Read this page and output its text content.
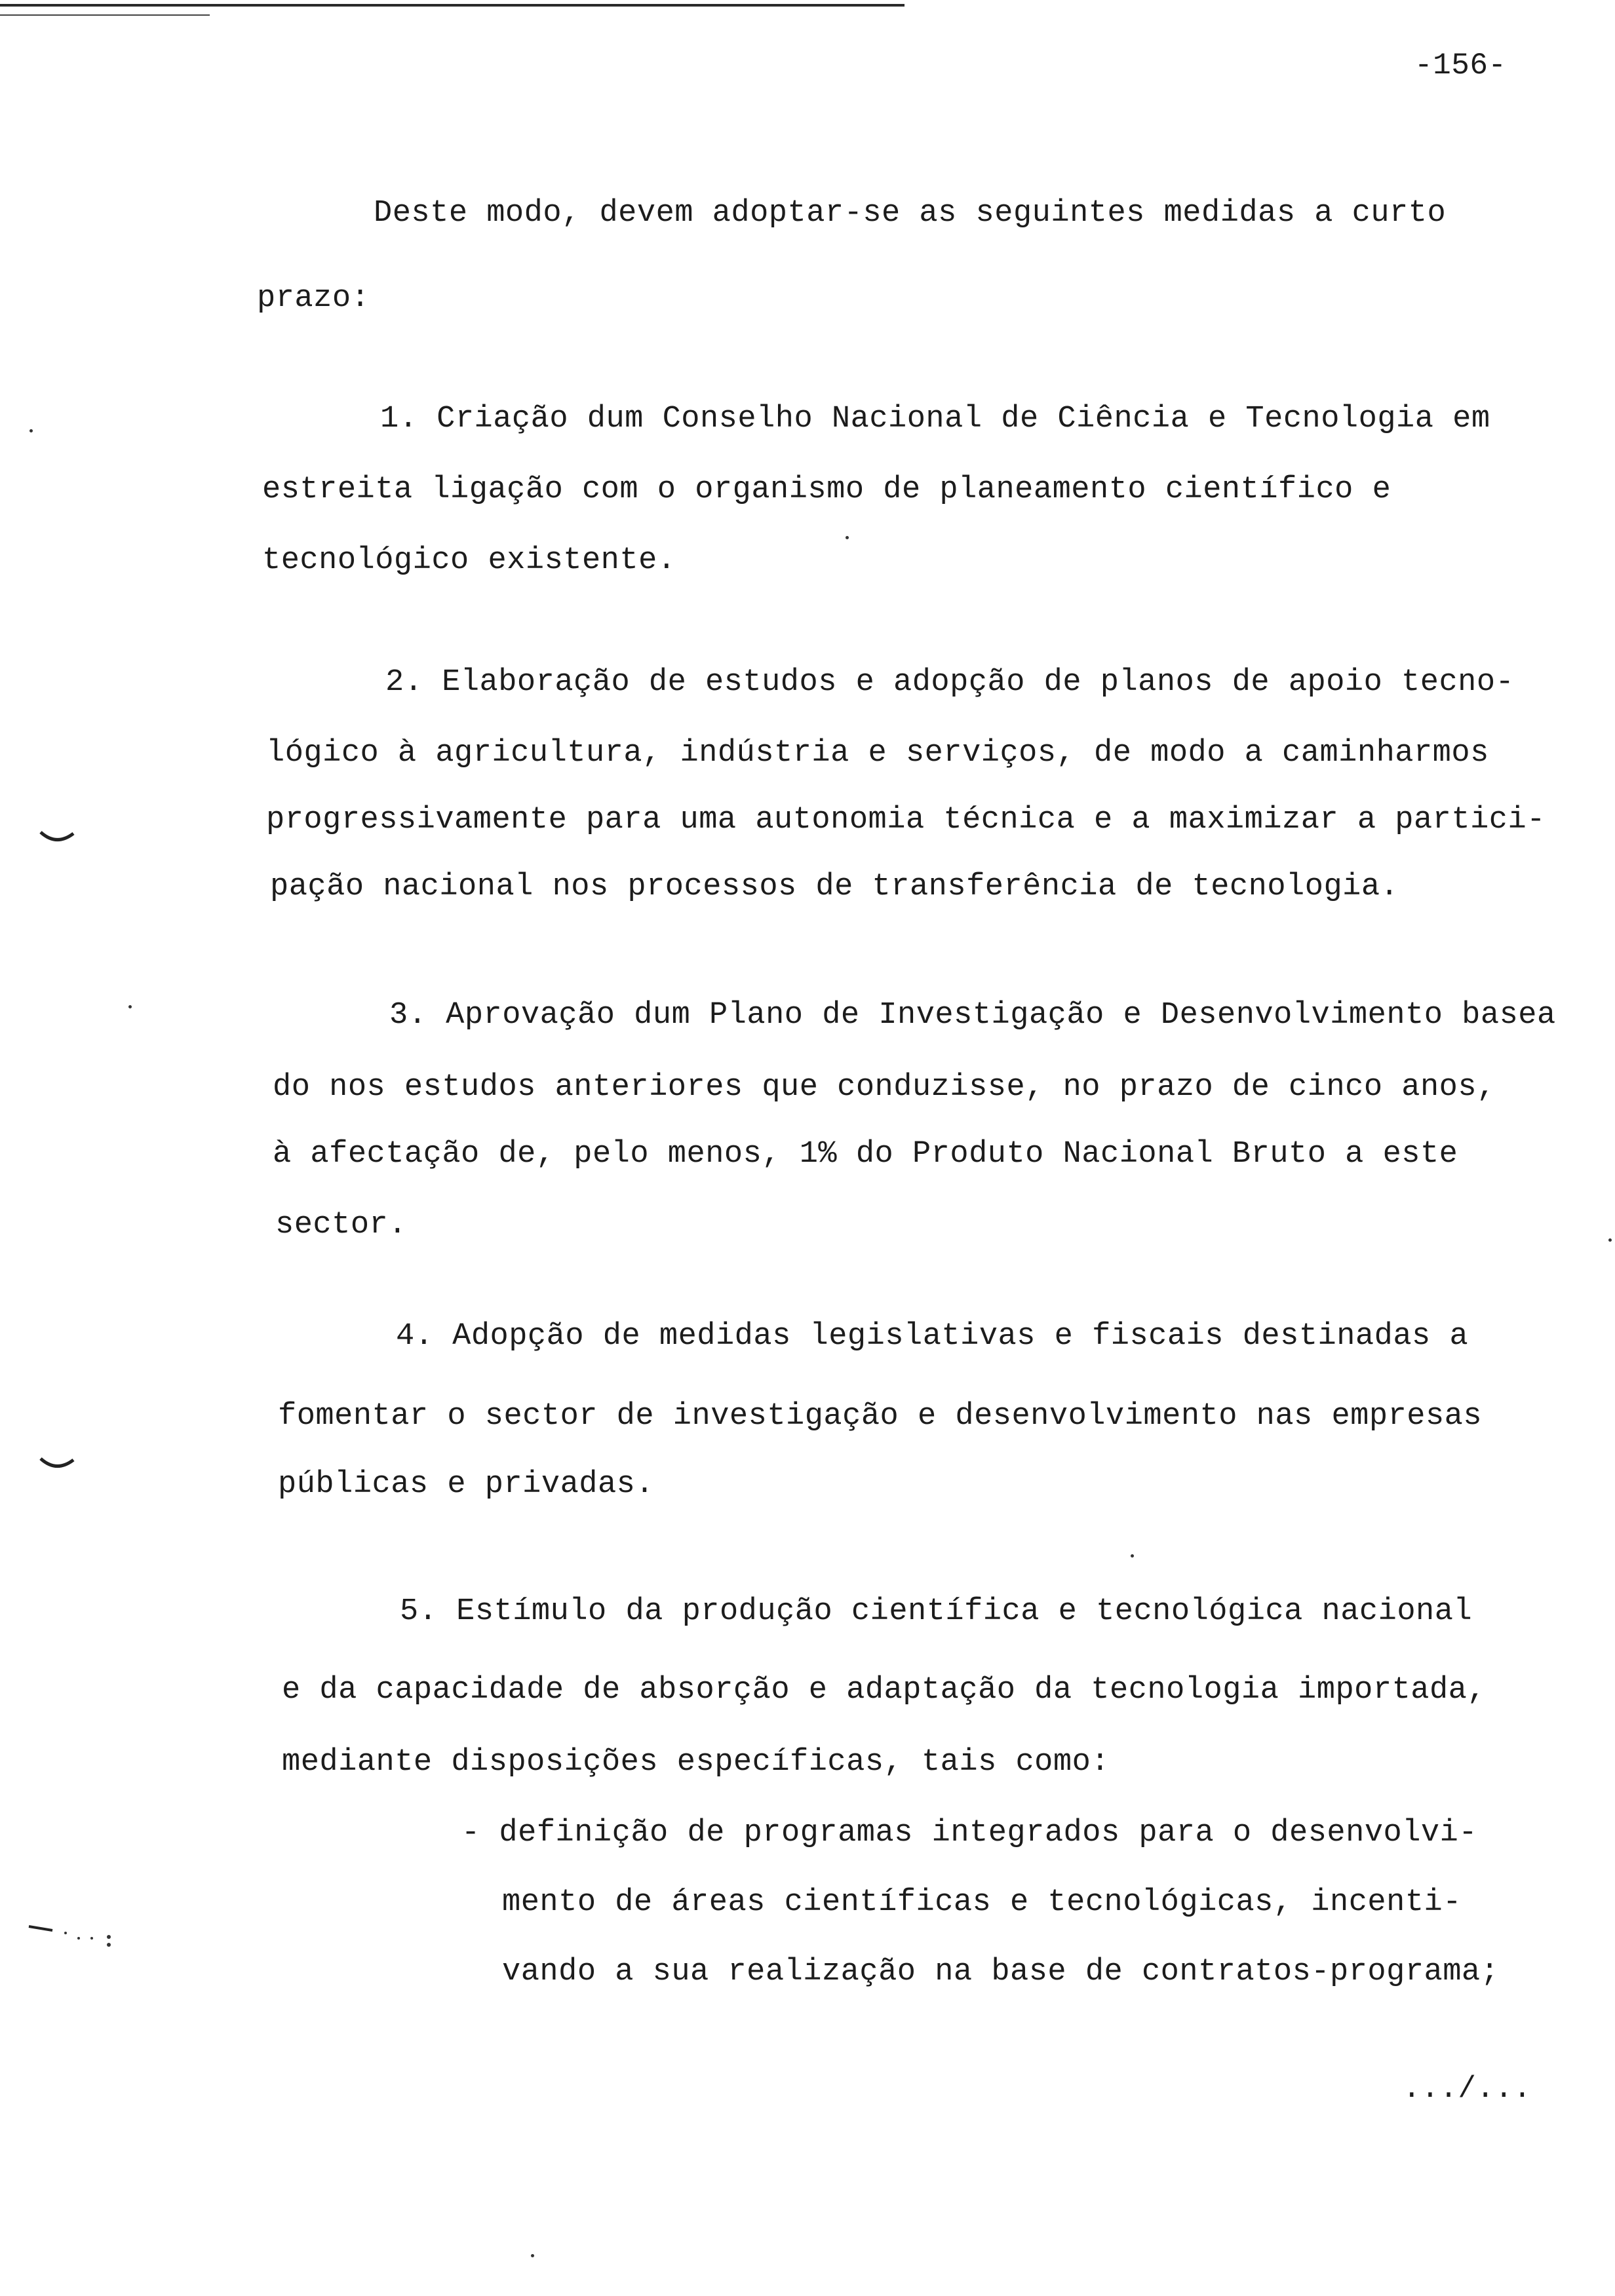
-156-
Deste modo, devem adoptar-se as seguintes medidas a curto
prazo:
1. Criação dum Conselho Nacional de Ciência e Tecnologia em
estreita ligação com o organismo de planeamento científico e
tecnológico existente.
2. Elaboração de estudos e adopção de planos de apoio tecno-
lógico à agricultura, indústria e serviços, de modo a caminharmos
progressivamente para uma autonomia técnica e a maximizar a partici-
pação nacional nos processos de transferência de tecnologia.
3. Aprovação dum Plano de Investigação e Desenvolvimento basea
do nos estudos anteriores que conduzisse, no prazo de cinco anos,
à afectação de, pelo menos, 1% do Produto Nacional Bruto a este
sector.
4. Adopção de medidas legislativas e fiscais destinadas a
fomentar o sector de investigação e desenvolvimento nas empresas
públicas e privadas.
5. Estímulo da produção científica e tecnológica nacional
e da capacidade de absorção e adaptação da tecnologia importada,
mediante disposições específicas, tais como:
- definição de programas integrados para o desenvolvi-
mento de áreas científicas e tecnológicas, incenti-
vando a sua realização na base de contratos-programa;
.../...
